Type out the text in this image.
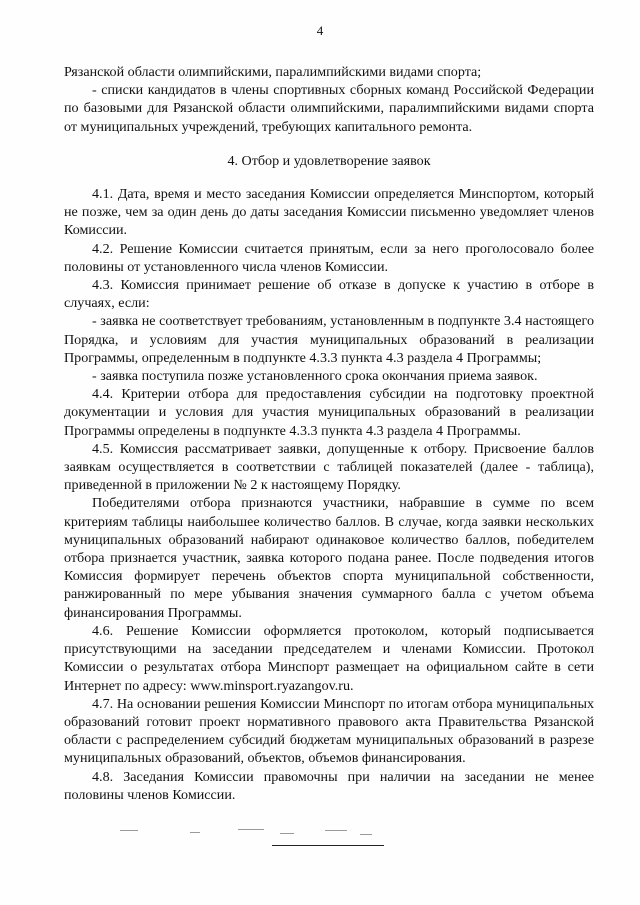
4

Рязанской области олимпийскими, паралимпийскими видами спорта;

- списки кандидатов в члены спортивных сборных команд Российской Федерации по базовыми для Рязанской области олимпийскими, паралимпийскими видами спорта от муниципальных учреждений, требующих капитального ремонта.

4. Отбор и удовлетворение заявок

4.1. Дата, время и место заседания Комиссии определяется Минспортом, который не позже, чем за один день до даты заседания Комиссии письменно уведомляет членов Комиссии.

4.2. Решение Комиссии считается принятым, если за него проголосовало более половины от установленного числа членов Комиссии.

4.3. Комиссия принимает решение об отказе в допуске к участию в отборе в случаях, если:

- заявка не соответствует требованиям, установленным в подпункте 3.4 настоящего Порядка, и условиям для участия муниципальных образований в реализации Программы, определенным в подпункте 4.3.3 пункта 4.3 раздела 4 Программы;

- заявка поступила позже установленного срока окончания приема заявок.

4.4. Критерии отбора для предоставления субсидии на подготовку проектной документации и условия для участия муниципальных образований в реализации Программы определены в подпункте 4.3.3 пункта 4.3 раздела 4 Программы.

4.5. Комиссия рассматривает заявки, допущенные к отбору. Присвоение баллов заявкам осуществляется в соответствии с таблицей показателей (далее - таблица), приведенной в приложении № 2 к настоящему Порядку.

Победителями отбора признаются участники, набравшие в сумме по всем критериям таблицы наибольшее количество баллов. В случае, когда заявки нескольких муниципальных образований набирают одинаковое количество баллов, победителем отбора признается участник, заявка которого подана ранее. После подведения итогов Комиссия формирует перечень объектов спорта муниципальной собственности, ранжированный по мере убывания значения суммарного балла с учетом объема финансирования Программы.

4.6. Решение Комиссии оформляется протоколом, который подписывается присутствующими на заседании председателем и членами Комиссии. Протокол Комиссии о результатах отбора Минспорт размещает на официальном сайте в сети Интернет по адресу: www.minsport.ryazangov.ru.

4.7. На основании решения Комиссии Минспорт по итогам отбора муниципальных образований готовит проект нормативного правового акта Правительства Рязанской области с распределением субсидий бюджетам муниципальных образований в разрезе муниципальных образований, объектов, объемов финансирования.

4.8. Заседания Комиссии правомочны при наличии на заседании не менее половины членов Комиссии.
